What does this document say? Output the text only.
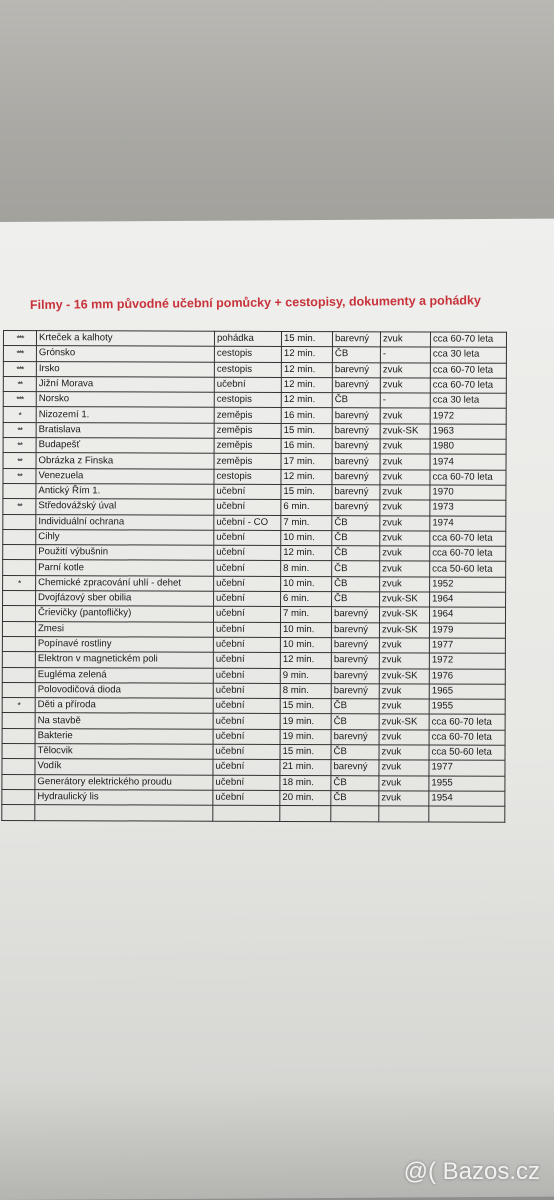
Filmy - 16 mm původné učební pomůcky + cestopisy, dokumenty a pohádky
***	Krteček a kalhoty	pohádka	15 min.	barevný	zvuk	cca 60-70 leta
***	Grónsko	cestopis	12 min.	ČB	-	cca 30 leta
***	Irsko	cestopis	12 min.	barevný	zvuk	cca 60-70 leta
**	Jižní Morava	učební	12 min.	barevný	zvuk	cca 60-70 leta
***	Norsko	cestopis	12 min.	ČB	-	cca 30 leta
*	Nizozemí 1.	zeměpis	16 min.	barevný	zvuk	1972
**	Bratislava	zeměpis	15 min.	barevný	zvuk-SK	1963
**	Budapešť	zeměpis	16 min.	barevný	zvuk	1980
**	Obrázka z Finska	zeměpis	17 min.	barevný	zvuk	1974
**	Venezuela	cestopis	12 min.	barevný	zvuk	cca 60-70 leta
	Antický Řím 1.	učební	15 min.	barevný	zvuk	1970
**	Středovážský úval	učební	6 min.	barevný	zvuk	1973
	Individuální ochrana	učební - CO	7 min.	ČB	zvuk	1974
	Cihly	učební	10 min.	ČB	zvuk	cca 60-70 leta
	Použití výbušnin	učební	12 min.	ČB	zvuk	cca 60-70 leta
	Parní kotle	učební	8 min.	ČB	zvuk	cca 50-60 leta
*	Chemické zpracování uhlí - dehet	učební	10 min.	ČB	zvuk	1952
	Dvojfázový sber obilia	učební	6 min.	ČB	zvuk-SK	1964
	Črievičky (pantofličky)	učební	7 min.	barevný	zvuk-SK	1964
	Zmesi	učební	10 min.	barevný	zvuk-SK	1979
	Popínavé rostliny	učební	10 min.	barevný	zvuk	1977
	Elektron v magnetickém poli	učební	12 min.	barevný	zvuk	1972
	Eugléma zelená	učební	9 min.	barevný	zvuk-SK	1976
	Polovodičová dioda	učební	8 min.	barevný	zvuk	1965
*	Děti a příroda	učební	15 min.	ČB	zvuk	1955
	Na stavbě	učební	19 min.	ČB	zvuk-SK	cca 60-70 leta
	Bakterie	učební	19 min.	barevný	zvuk	cca 60-70 leta
	Tělocvik	učební	15 min.	ČB	zvuk	cca 50-60 leta
	Vodík	učební	21 min.	barevný	zvuk	1977
	Generátory elektrického proudu	učební	18 min.	ČB	zvuk	1955
	Hydraulický lis	učební	20 min.	ČB	zvuk	1954

@( Bazos.cz
